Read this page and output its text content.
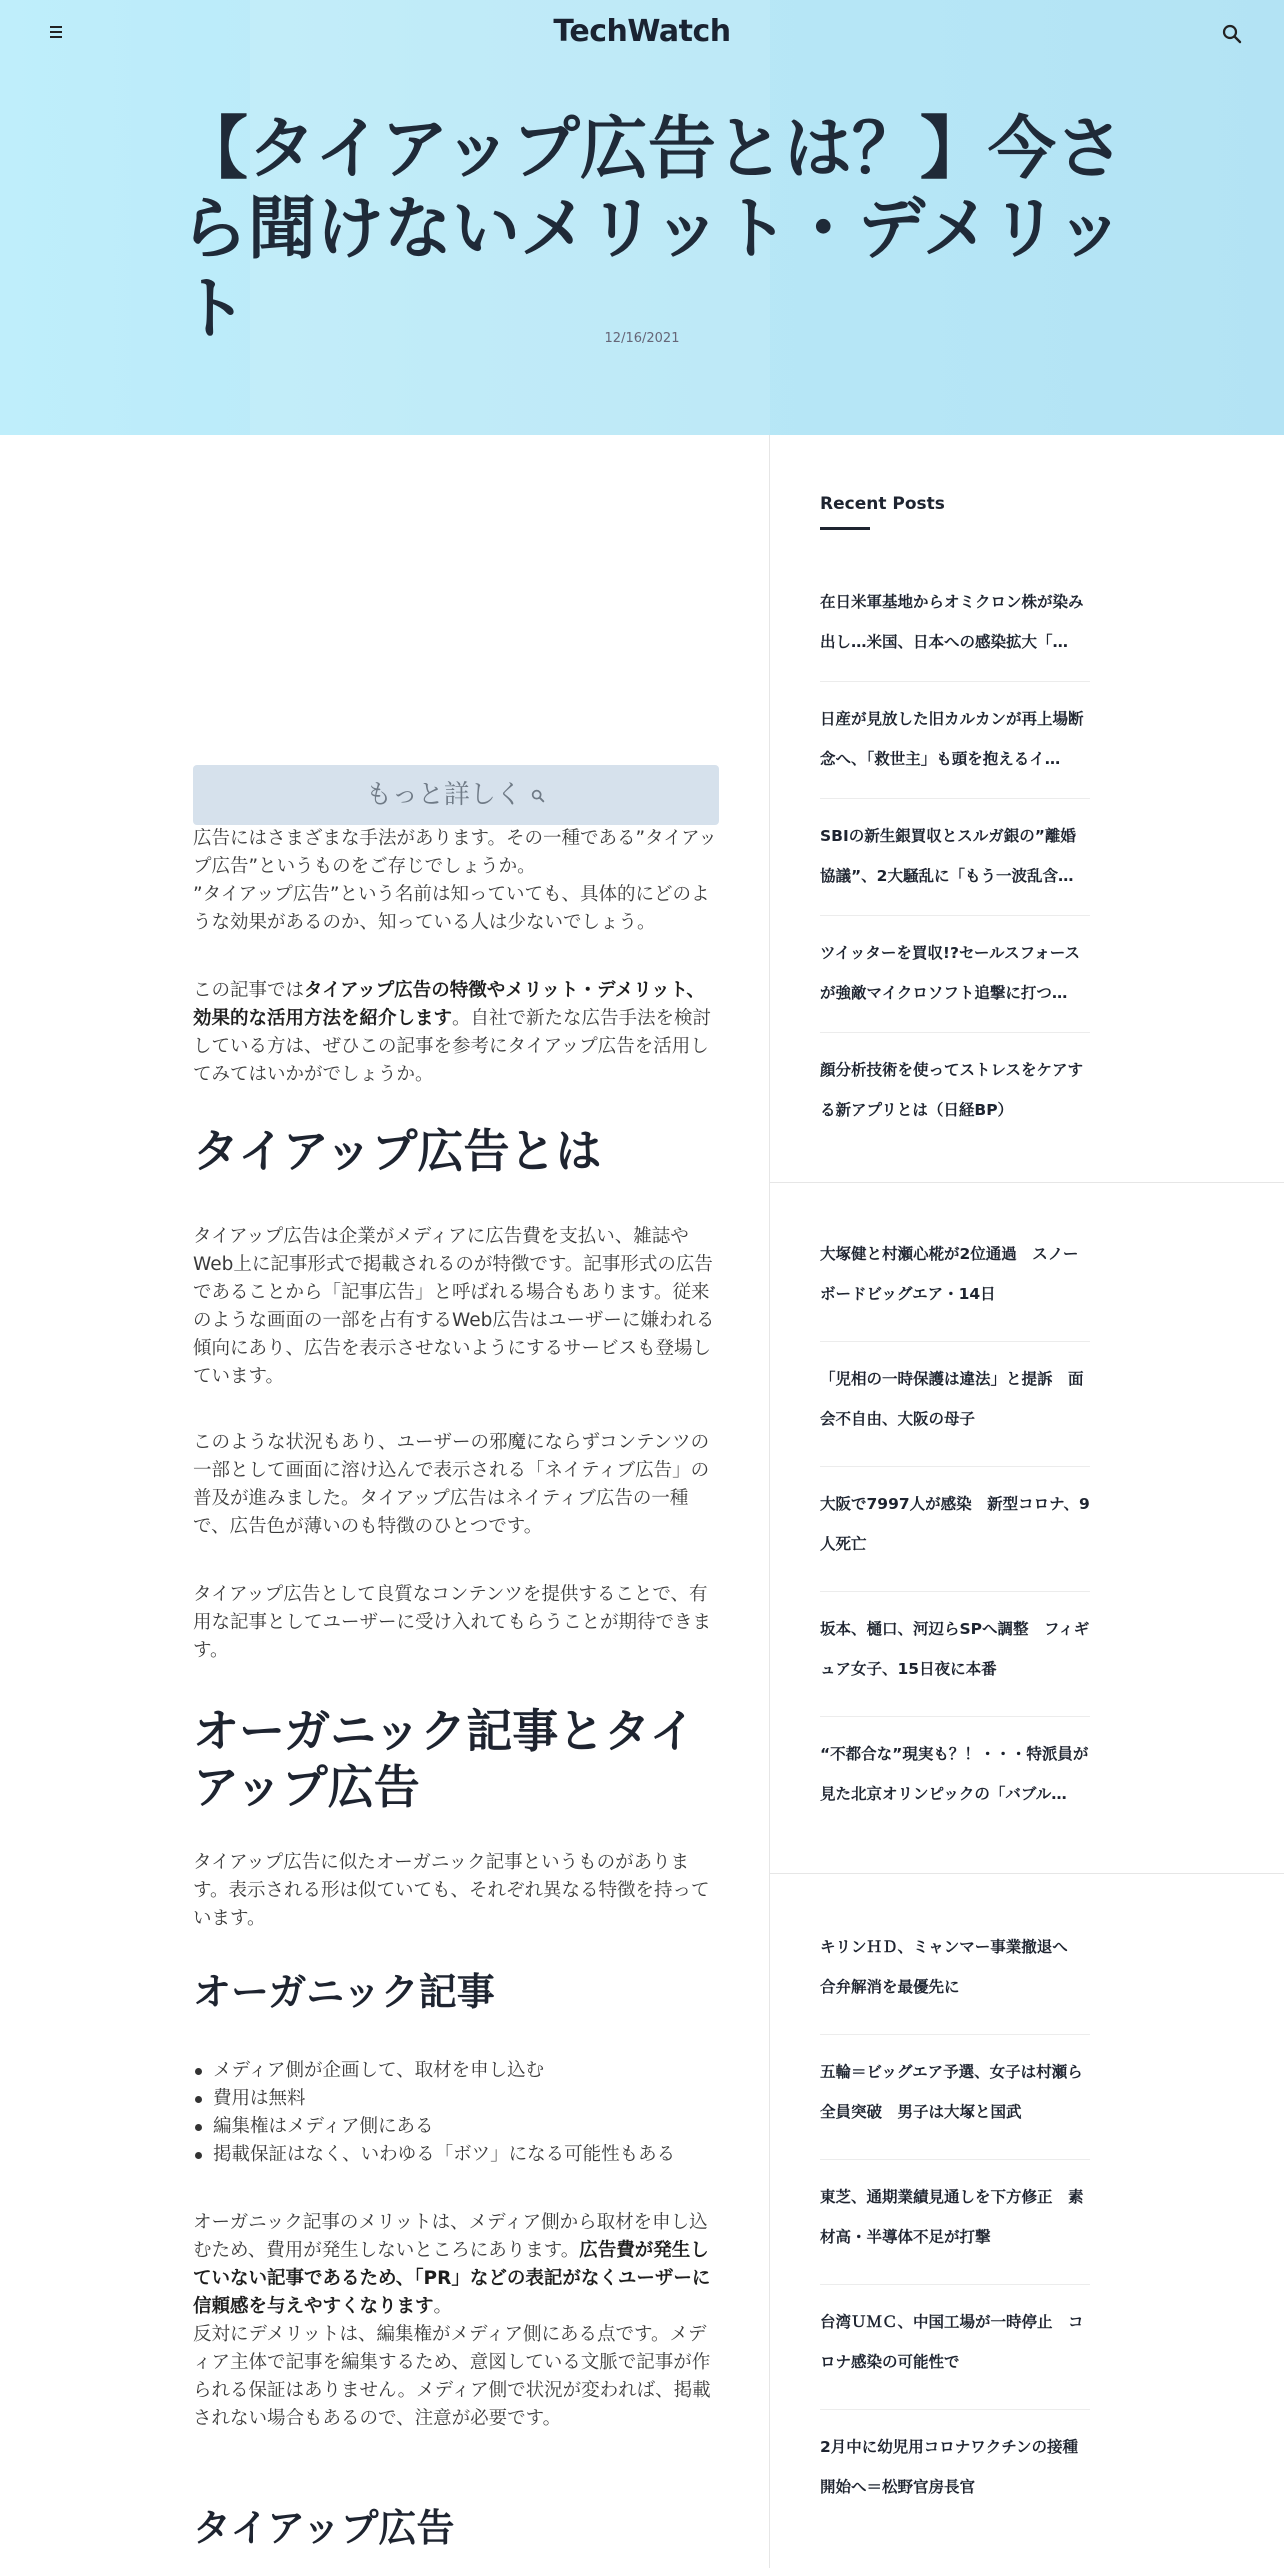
TechWatch
【タイアップ広告とは？】今さら聞けないメリット・デメリット	12/16/2021
もっと詳しく

広告にはさまざまな手法があります。その一種である”タイアップ広告”というものをご存じでしょうか。

”タイアップ広告”という名前は知っていても、具体的にどのような効果があるのか、知っている人は少ないでしょう。

この記事ではタイアップ広告の特徴やメリット・デメリット、効果的な活用方法を紹介します。自社で新たな広告手法を検討している方は、ぜひこの記事を参考にタイアップ広告を活用してみてはいかがでしょうか。

タイアップ広告とは

タイアップ広告は企業がメディアに広告費を支払い、雑誌やWeb上に記事形式で掲載されるのが特徴です。記事形式の広告であることから「記事広告」と呼ばれる場合もあります。従来のような画面の一部を占有するWeb広告はユーザーに嫌われる傾向にあり、広告を表示させないようにするサービスも登場しています。

このような状況もあり、ユーザーの邪魔にならずコンテンツの一部として画面に溶け込んで表示される「ネイティブ広告」の普及が進みました。タイアップ広告はネイティブ広告の一種で、広告色が薄いのも特徴のひとつです。

タイアップ広告として良質なコンテンツを提供することで、有用な記事としてユーザーに受け入れてもらうことが期待できます。

オーガニック記事とタイアップ広告

タイアップ広告に似たオーガニック記事というものがあります。表示される形は似ていても、それぞれ異なる特徴を持っています。

オーガニック記事
メディア側が企画して、取材を申し込む
費用は無料
編集権はメディア側にある
掲載保証はなく、いわゆる「ボツ」になる可能性もある

オーガニック記事のメリットは、メディア側から取材を申し込むため、費用が発生しないところにあります。広告費が発生していない記事であるため、「PR」などの表記がなくユーザーに信頼感を与えやすくなります。

反対にデメリットは、編集権がメディア側にある点です。メディア主体で記事を編集するため、意図している文脈で記事が作られる保証はありません。メディア側で状況が変われば、掲載されない場合もあるので、注意が必要です。

タイアップ広告
Recent Posts
在日米軍基地からオミクロン株が染み出し…米国、日本への感染拡大「…
日産が見放した旧カルカンが再上場断念へ、「救世主」も頭を抱えるイ…
SBIの新生銀買収とスルガ銀の”離婚協議”、2大騒乱に「もう一波乱含…
ツイッターを買収!?セールスフォースが強敵マイクロソフト追撃に打つ…
顔分析技術を使ってストレスをケアする新アプリとは（日経BP）
大塚健と村瀬心椛が2位通過　スノーボードビッグエア・14日
「児相の一時保護は違法」と提訴　面会不自由、大阪の母子
大阪で7997人が感染　新型コロナ、9人死亡
坂本、樋口、河辺らSPへ調整　フィギュア女子、15日夜に本番
“不都合な”現実も？！・・・特派員が見た北京オリンピックの「バブル…
キリンＨＤ、ミャンマー事業撤退へ　合弁解消を最優先に
五輪＝ビッグエア予選、女子は村瀬ら全員突破　男子は大塚と国武
東芝、通期業績見通しを下方修正　素材高・半導体不足が打撃
台湾ＵＭＣ、中国工場が一時停止　コロナ感染の可能性で
2月中に幼児用コロナワクチンの接種開始へ＝松野官房長官
